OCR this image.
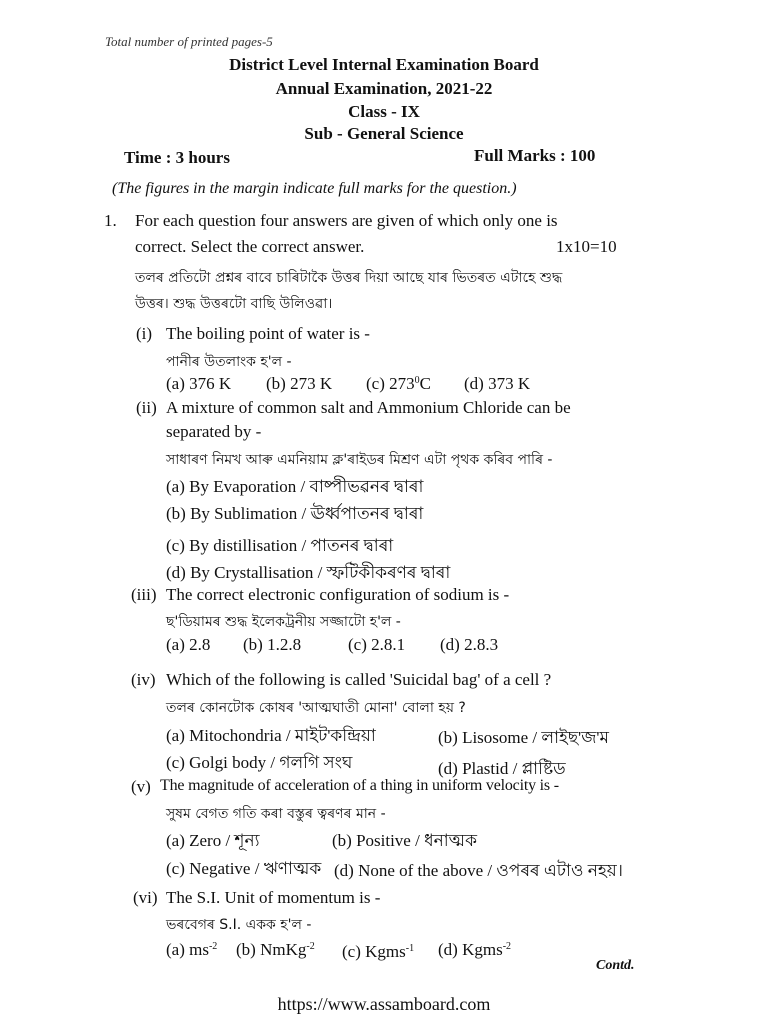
Total number of printed pages-5
District Level Internal Examination Board
Annual Examination, 2021-22
Class - IX
Sub - General Science
Time : 3 hours	Full Marks : 100
(The figures in the margin indicate full marks for the question.)
1. For each question four answers are given of which only one is
correct. Select the correct answer.	1x10=10
তলৰ প্ৰতিটো প্ৰশ্নৰ বাবে চাৰিটাকৈ উত্তৰ দিয়া আছে যাৰ ভিতৰত এটাহে শুদ্ধ
উত্তৰ। শুদ্ধ উত্তৰটো বাছি উলিওৱা।
(i) The boiling point of water is -
পানীৰ উতলাংক হ'ল -
(a) 376 K (b) 273 K (c) $273^0C$ (d) 373 K
(ii) A mixture of common salt and Ammonium Chloride can be
separated by -
সাধাৰণ নিমখ আৰু এমনিয়াম ক্ল'ৰাইডৰ মিশ্ৰণ এটা পৃথক কৰিব পাৰি -
(a) By Evaporation / বাষ্পীভৱনৰ দ্বাৰা
(b) By Sublimation / ঊৰ্ধ্বপাতনৰ দ্বাৰা
(c) By distillisation / পাতনৰ দ্বাৰা
(d) By Crystallisation / স্ফটিকীকৰণৰ দ্বাৰা
(iii) The correct electronic configuration of sodium is -
ছ'ডিয়ামৰ শুদ্ধ ইলেকট্ৰনীয় সজ্জাটো হ'ল -
(a) 2.8 (b) 1.2.8	(c) 2.8.1 (d) 2.8.3
(iv) Which of the following is called 'Suicidal bag' of a cell ?
তলৰ কোনটোক কোষৰ 'আত্মঘাতী মোনা' বোলা হয় ?
(a) Mitochondria / মাইট'কন্দ্ৰিয়া	(b) Lisosome / লাইছ'জ'ম
(c) Golgi body / গলগি সংঘ	(d) Plastid / প্লাষ্টিড
(v) The magnitude of acceleration of a thing in uniform velocity is -
সুষম বেগত গতি কৰা বস্তুৰ ত্বৰণৰ মান -
(a) Zero / শূন্য	(b) Positive / ধনাত্মক
(c) Negative / ঋণাত্মক (d) None of the above / ওপৰৰ এটাও নহয়।
(vi) The S.I. Unit of momentum is -
ভৰবেগৰ S.I. একক হ'ল -
(a) $ms^{-2}$ (b) NmKg$^{-2}$ (c) Kgms$^{-1}$ (d) Kgms$^{-2}$
Contd.
https://www.assamboard.com
